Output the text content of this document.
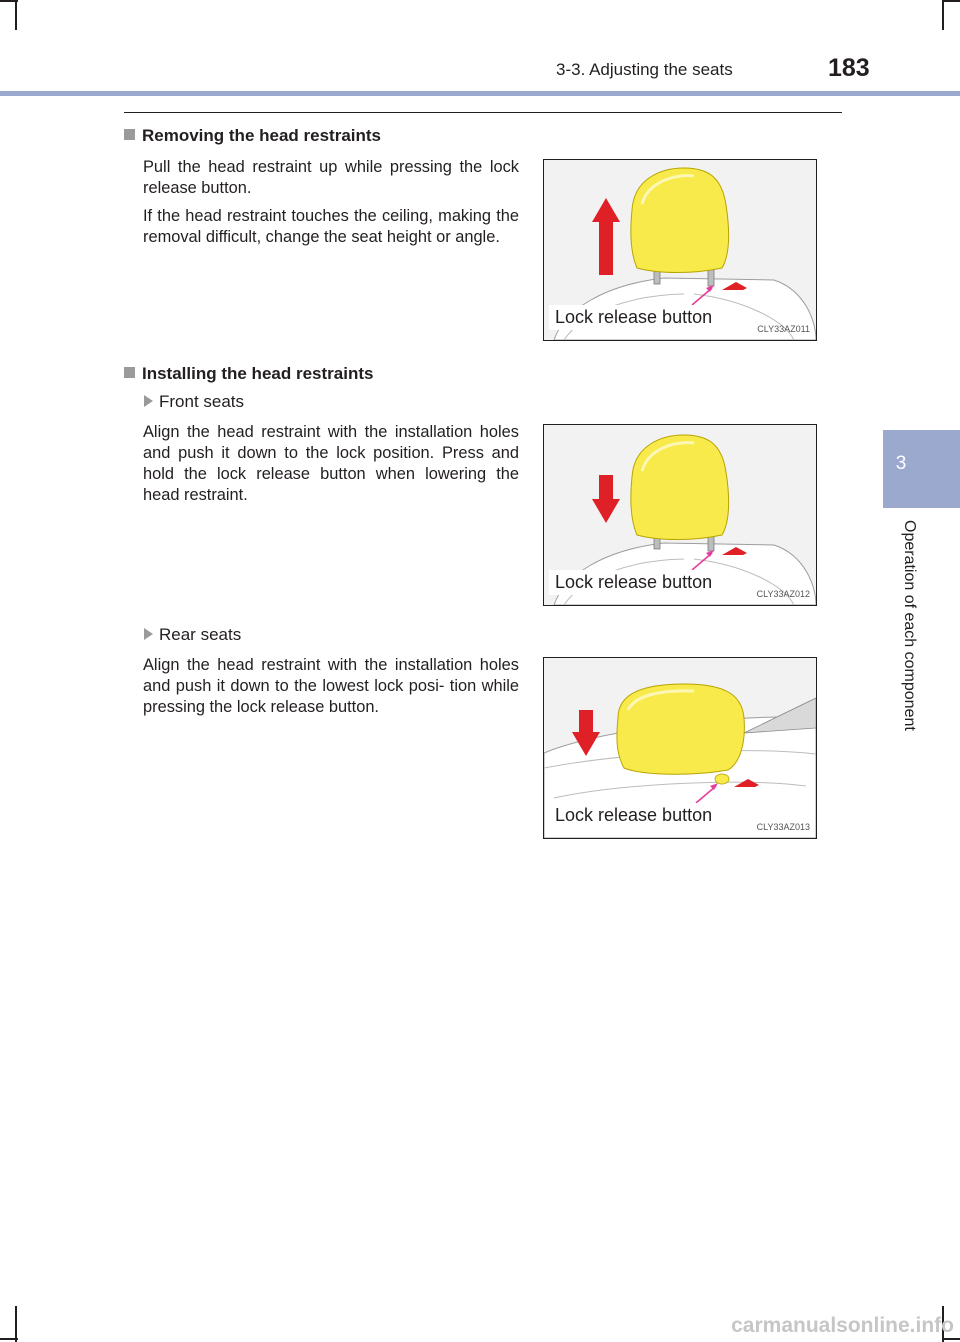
3-3. Adjusting the seats	183
3
Operation of each component
Removing the head restraints
Pull the head restraint up while pressing the lock release button.
If the head restraint touches the ceiling, making the removal difficult, change the seat height or angle.
Lock release button
CLY33AZ011
Installing the head restraints
Front seats
Align the head restraint with the installation holes and push it down to the lock position. Press and hold the lock release button when lowering the head restraint.
Lock release button
CLY33AZ012
Rear seats
Align the head restraint with the installation holes and push it down to the lowest lock posi- tion while pressing the lock release button.
Lock release button
CLY33AZ013
carmanualsonline.info
